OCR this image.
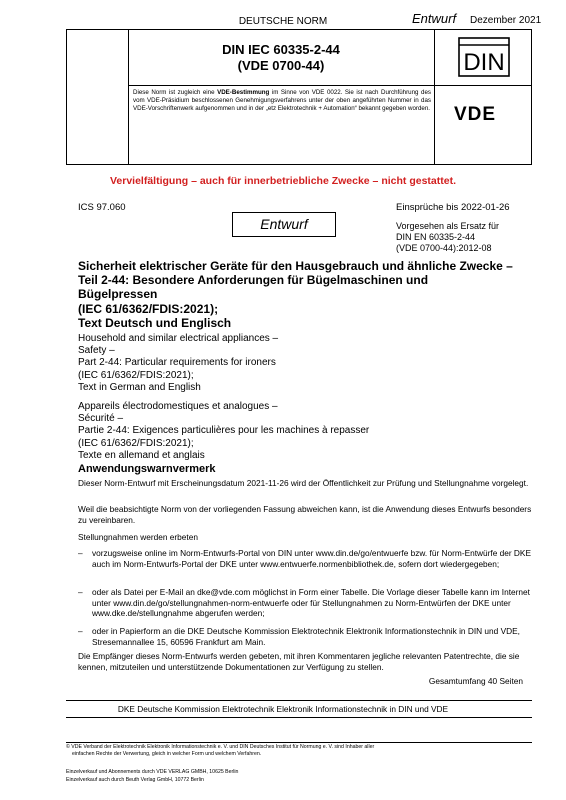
DEUTSCHE NORM	Entwurf Dezember 2021
DIN IEC 60335-2-44
(VDE 0700-44)
Diese Norm ist zugleich eine VDE-Bestimmung im Sinne von VDE 0022. Sie ist nach Durchführung des vom VDE-Präsidium beschlossenen Genehmigungsverfahrens unter der oben angeführten Nummer in das VDE-Vorschriftenwerk aufgenommen und in der „etz Elektrotechnik + Automation“ bekannt gegeben worden.
DIN
VDE
Vervielfältigung – auch für innerbetriebliche Zwecke – nicht gestattet.
ICS 97.060	Einsprüche bis 2022-01-26
Vorgesehen als Ersatz für
DIN EN 60335-2-44
(VDE 0700-44):2012-08
Entwurf
Sicherheit elektrischer Geräte für den Hausgebrauch und ähnliche Zwecke –
Teil 2-44: Besondere Anforderungen für Bügelmaschinen und
Bügelpressen
(IEC 61/6362/FDIS:2021);
Text Deutsch und Englisch
Household and similar electrical appliances –
Safety –
Part 2-44: Particular requirements for ironers
(IEC 61/6362/FDIS:2021);
Text in German and English
Appareils électrodomestiques et analogues –
Sécurité –
Partie 2-44: Exigences particulières pour les machines à repasser
(IEC 61/6362/FDIS:2021);
Texte en allemand et anglais
Anwendungswarnvermerk
Dieser Norm-Entwurf mit Erscheinungsdatum 2021-11-26 wird der Öffentlichkeit zur Prüfung und Stellungnahme vorgelegt.
Weil die beabsichtigte Norm von der vorliegenden Fassung abweichen kann, ist die Anwendung dieses Entwurfs besonders zu vereinbaren.
Stellungnahmen werden erbeten
– vorzugsweise online im Norm-Entwurfs-Portal von DIN unter www.din.de/go/entwuerfe bzw. für Norm-Entwürfe der DKE auch im Norm-Entwurfs-Portal der DKE unter www.entwuerfe.normenbibliothek.de, sofern dort wiedergegeben;
– oder als Datei per E-Mail an dke@vde.com möglichst in Form einer Tabelle. Die Vorlage dieser Tabelle kann im Internet unter www.din.de/go/stellungnahmen-norm-entwuerfe oder für Stellungnahmen zu Norm-Entwürfen der DKE unter www.dke.de/stellungnahme abgerufen werden;
– oder in Papierform an die DKE Deutsche Kommission Elektrotechnik Elektronik Informationstechnik in DIN und VDE, Stresemannallee 15, 60596 Frankfurt am Main.
Die Empfänger dieses Norm-Entwurfs werden gebeten, mit ihren Kommentaren jegliche relevanten Patentrechte, die sie kennen, mitzuteilen und unterstützende Dokumentationen zur Verfügung zu stellen.
Gesamtumfang 40 Seiten
DKE Deutsche Kommission Elektrotechnik Elektronik Informationstechnik in DIN und VDE
© VDE Verband der Elektrotechnik Elektronik Informationstechnik e. V. und DIN Deutsches Institut für Normung e. V. sind Inhaber aller
einfachen Rechte der Verwertung, gleich in welcher Form und welchem Verfahren.
Einzelverkauf und Abonnements durch VDE VERLAG GMBH, 10625 Berlin
Einzelverkauf auch durch Beuth Verlag GmbH, 10772 Berlin
